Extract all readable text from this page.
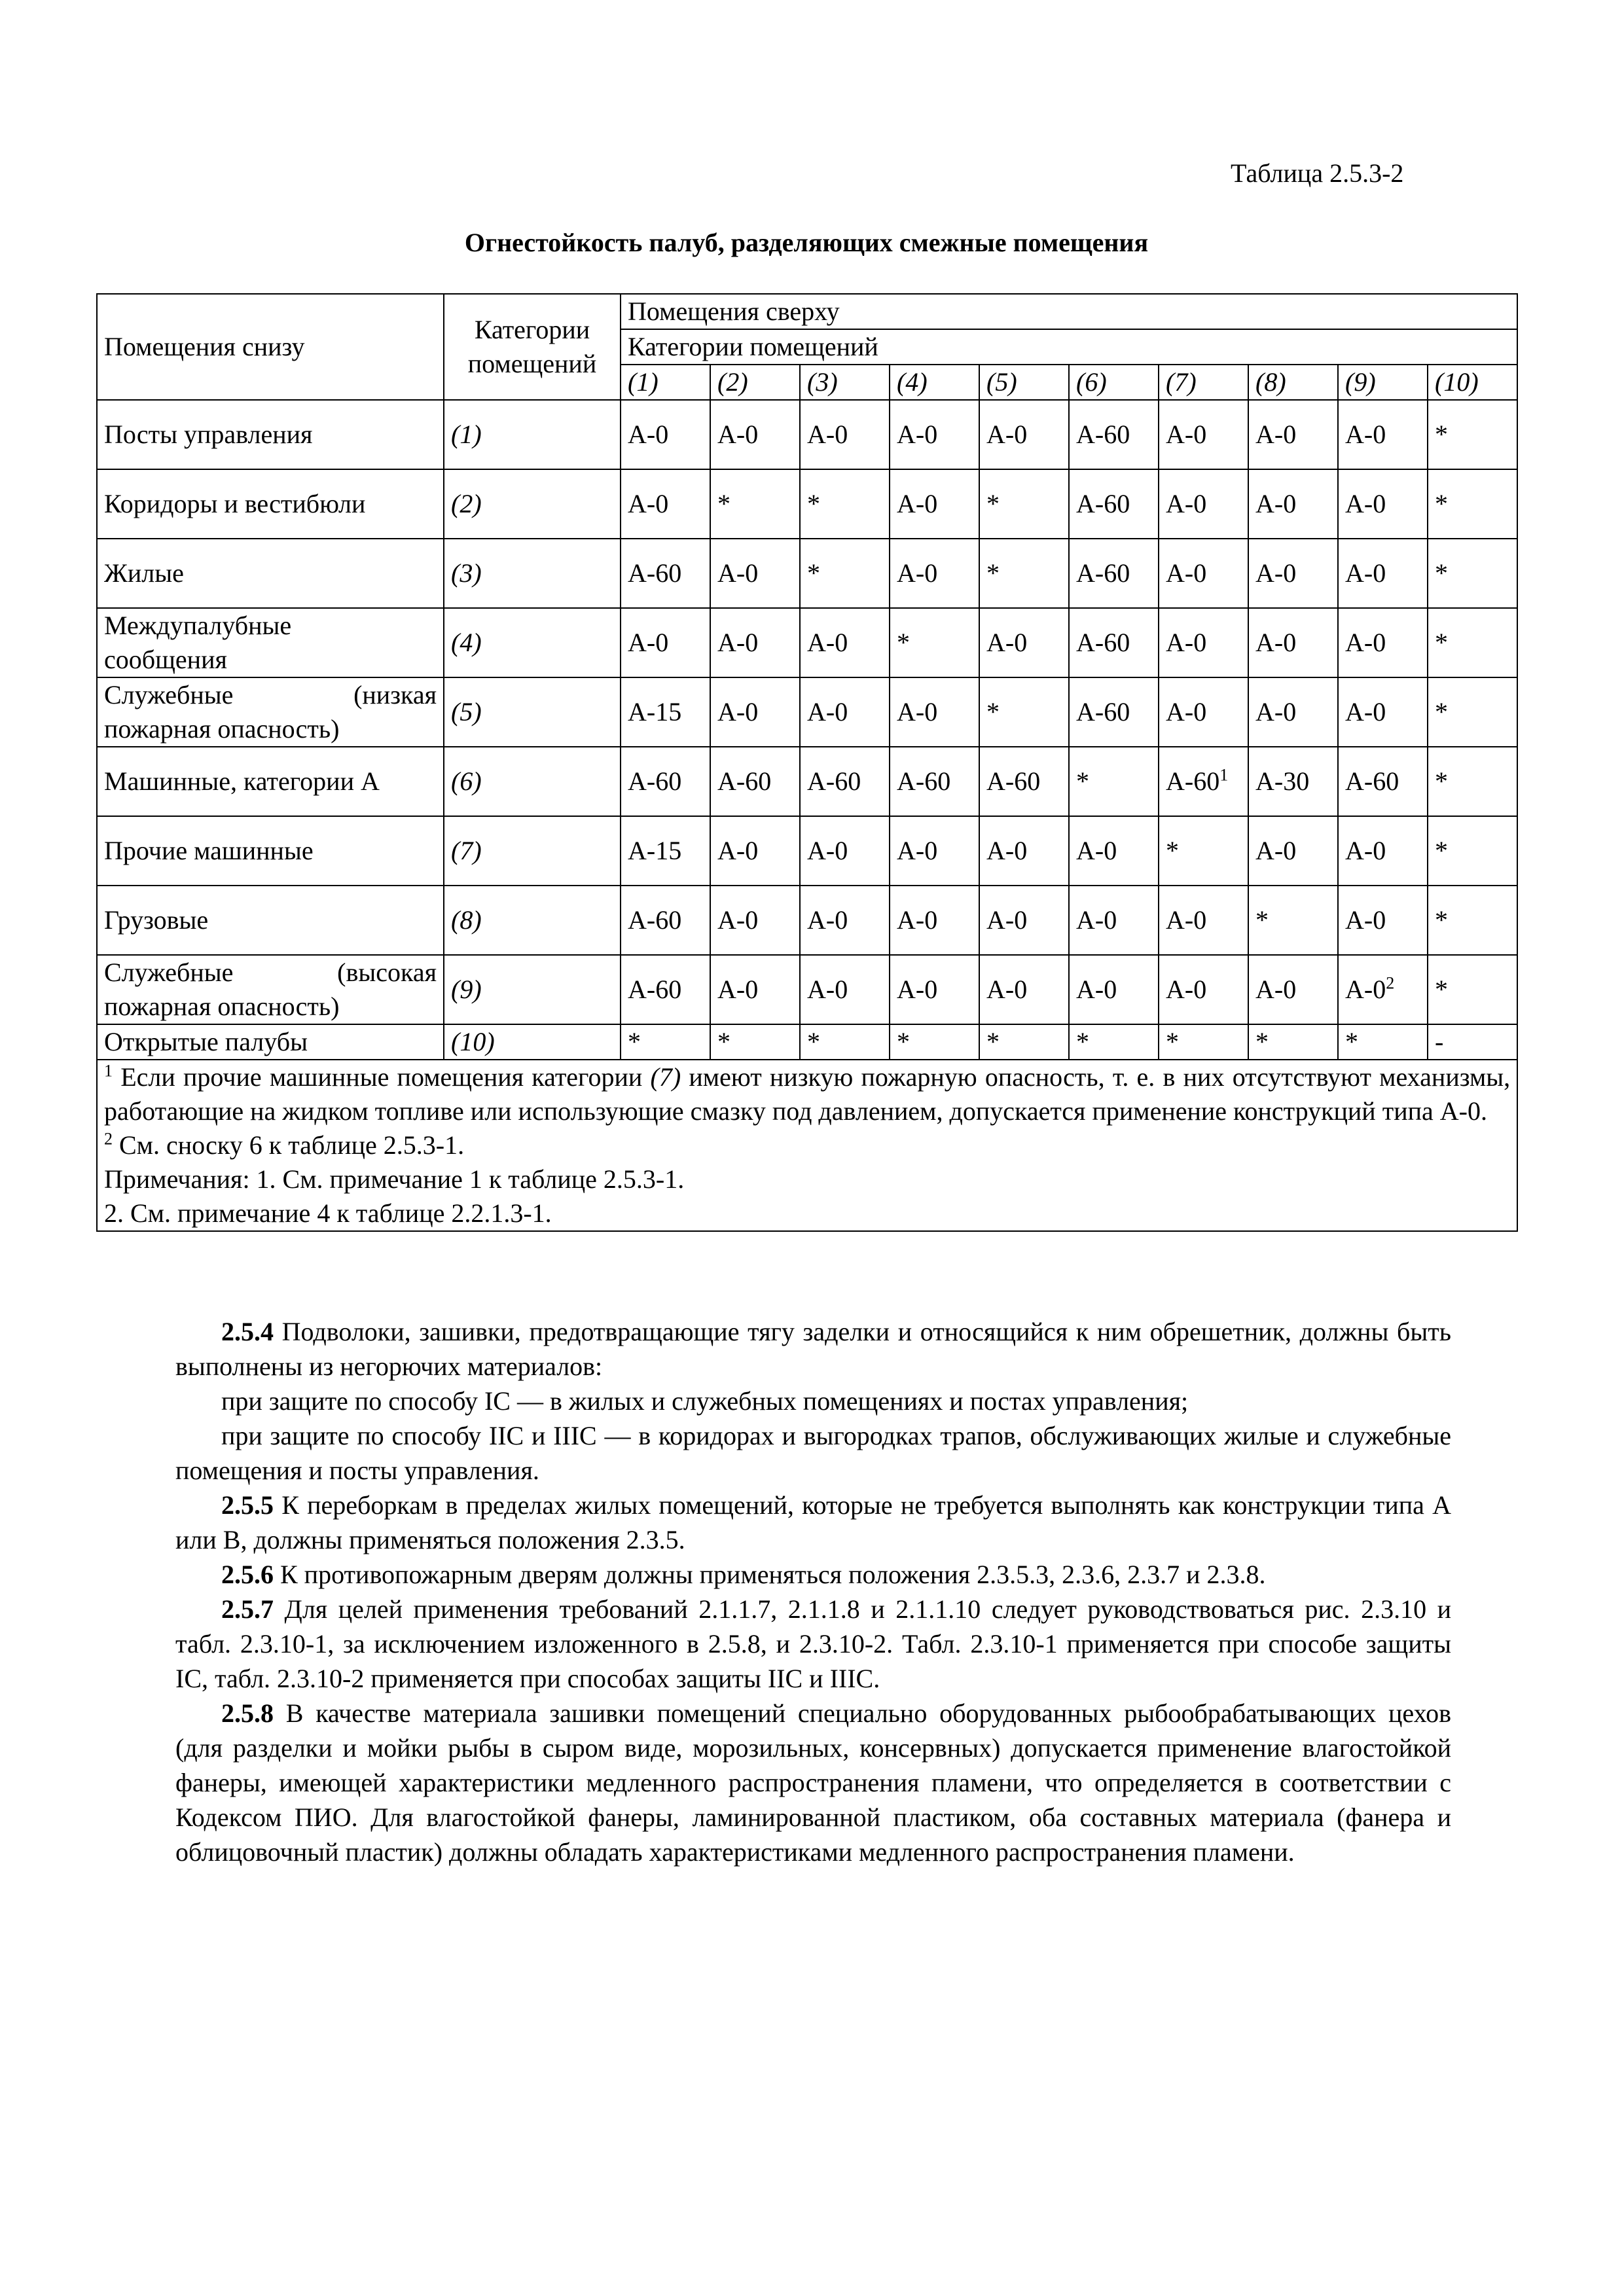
Таблица 2.5.3-2
Огнестойкость палуб, разделяющих смежные помещения
Помещения снизу	Категории помещений	Помещения сверху									
		Категории помещений									
		(1)	(2)	(3)	(4)	(5)	(6)	(7)	(8)	(9)	(10)
Посты управления	(1)	А-0	А-0	А-0	А-0	А-0	А-60	А-0	А-0	А-0	*
Коридоры и вестибюли	(2)	А-0	*	*	А-0	*	А-60	А-0	А-0	А-0	*
Жилые	(3)	А-60	А-0	*	А-0	*	А-60	А-0	А-0	А-0	*

Междупалубные
сообщения	(4)	А-0	А-0	А-0	*	А-0	А-60	А-0	А-0	А-0	*

Служебные (низкая
пожарная опасность)	(5)	А-15	А-0	А-0	А-0	*	А-60	А-0	А-0	А-0	*
Машинные, категории А	(6)	А-60	А-60	А-60	А-60	А-60	*	$А-60^1$	А-30	А-60	*
Прочие машинные	(7)	А-15	А-0	А-0	А-0	А-0	А-0	*	А-0	А-0	*
Грузовые	(8)	А-60	А-0	А-0	А-0	А-0	А-0	А-0	*	А-0	*

Служебные (высокая
пожарная опасность)	(9)	А-60	А-0	А-0	А-0	А-0	А-0	А-0	А-0	$А-0^2$	*
Открытые палубы	(10)	*	*	*	*	*	*	*	*	*	-

$^1$ Если прочие машинные помещения категории (7) имеют низкую пожарную опасность, т. е. в них отсутствуют механизмы, работающие на жидком топливе или использующие смазку под давлением, допускается применение конструкций типа А-0.

$^2$ См. сноску 6 к таблице 2.5.3-1.

Примечания: 1. См. примечание 1 к таблице 2.5.3-1.

2. См. примечание 4 к таблице 2.2.1.3-1.											

2.5.4 Подволоки, зашивки, предотвращающие тягу заделки и относящийся к ним обрешетник, должны быть выполнены из негорючих материалов:

при защите по способу IC — в жилых и служебных помещениях и постах управления;

при защите по способу IIC и IIIC — в коридорах и выгородках трапов, обслуживающих жилые и служебные помещения и посты управления.

2.5.5 К переборкам в пределах жилых помещений, которые не требуется выполнять как конструкции типа А или В, должны применяться положения 2.3.5.

2.5.6 К противопожарным дверям должны применяться положения 2.3.5.3, 2.3.6, 2.3.7 и 2.3.8.

2.5.7 Для целей применения требований 2.1.1.7, 2.1.1.8 и 2.1.1.10 следует руководствоваться рис. 2.3.10 и табл. 2.3.10-1, за исключением изложенного в 2.5.8, и 2.3.10-2. Табл. 2.3.10-1 применяется при способе защиты IC, табл. 2.3.10-2 применяется при способах защиты IIC и IIIC.

2.5.8 В качестве материала зашивки помещений специально оборудованных рыбообрабатывающих цехов (для разделки и мойки рыбы в сыром виде, морозильных, консервных) допускается применение влагостойкой фанеры, имеющей характеристики медленного распространения пламени, что определяется в соответствии с Кодексом ПИО. Для влагостойкой фанеры, ламинированной пластиком, оба составных материала (фанера и облицовочный пластик) должны обладать характеристиками медленного распространения пламени.
